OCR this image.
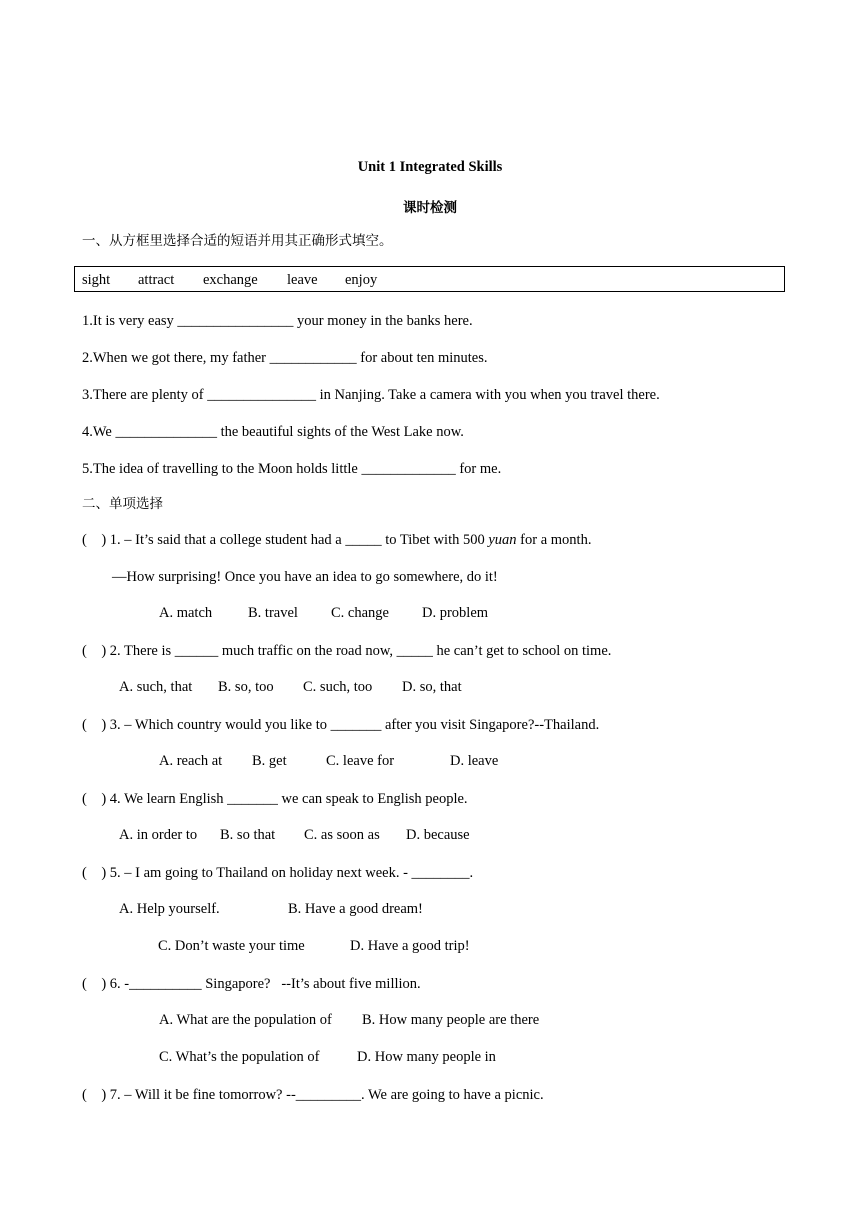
Unit 1 Integrated Skills
课时检测
一、从方框里选择合适的短语并用其正确形式填空。
sight attract exchange leave enjoy
1.It is very easy ________________ your money in the banks here.
2.When we got there, my father ____________ for about ten minutes.
3.There are plenty of _______________ in Nanjing. Take a camera with you when you travel there.
4.We ______________ the beautiful sights of the West Lake now.
5.The idea of travelling to the Moon holds little _____________ for me.
二、单项选择
(    ) 1. – It’s said that a college student had a _____ to Tibet with 500 yuan for a month.
—How surprising! Once you have an idea to go somewhere, do it!
A. match B. travel C. change D. problem
(    ) 2. There is ______ much traffic on the road now, _____ he can’t get to school on time.
A. such, that B. so, too C. such, too D. so, that
(    ) 3. – Which country would you like to _______ after you visit Singapore?--Thailand.
A. reach at B. get	C. leave for	D. leave
(    ) 4. We learn English _______ we can speak to English people.
A. in order to B. so that C. as soon as D. because
(    ) 5. – I am going to Thailand on holiday next week. - ________.
A. Help yourself.	B. Have a good dream!
C. Don’t waste your time	D. Have a good trip!
(    ) 6. -__________ Singapore?   --It’s about five million.
A. What are the population of B. How many people are there
C. What’s the population of	D. How many people in
(    ) 7. – Will it be fine tomorrow? --_________. We are going to have a picnic.
